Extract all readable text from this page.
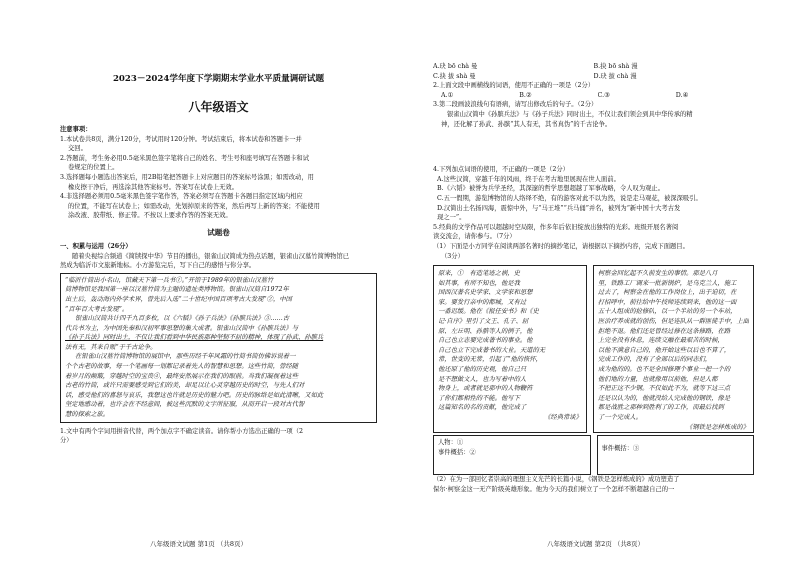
2023－2024学年度下学期期末学业水平质量调研试题
八年级语文
注意事项：
1.本试卷共8页，满分120分，考试用时120分钟。考试结束后，将本试卷和答题卡一并
交回。
2.答题前，考生务必用0.5毫米黑色签字笔将自己的姓名、考生号和座号填写在答题卡和试
卷规定的位置上。
3.选择题每小题选出答案后，用2B铅笔把答题卡上对应题目的答案标号涂黑；如需改动，用
橡皮擦干净后，再选涂其他答案标号。答案写在试卷上无效。
4.非选择题必须用0.5毫米黑色签字笔作答，答案必须写在答题卡各题目指定区域内相应
的位置，不能写在试卷上；如需改动，先划掉原来的答案，然后再写上新的答案；不能使用
涂改液、胶带纸、修正带。不按以上要求作答的答案无效。
试题卷
一、积累与运用（26分）
随着央视综合频道《简牍探中华》节目的播出，银雀山汉简成为热点话题，银雀山汉墓竹简博物馆已
然成为临沂市文旅新地标。小方游览完后，写下自己的感悟与你分享。
“临沂什简出小名山，馆藏天下第一兵书①。”开馆于1989年的银雀山汉墓竹
简博物馆是我国第一座以汉墓竹简为主题的遗址类博物馆。银雀山汉简自1972年
出土后，轰动海内外学术界，曾先后入选“二十世纪中国百项考古大发现”②，中国
“百年百大考古发现”。
银雀山汉简共计四千九百多枚，以《六韬》《孙子兵法》《孙膑兵法》③……古
代兵书为主，为中国先秦和汉初军事思想的集大成者。银雀山汉简中《孙膑兵法》与
《孙子兵法》同时出土，不仅让我们看到中华民族那种坚韧不屈的精神，体现了孙武、孙膑兵
法有无，其来自贩“于千古论争。
在银雀山汉墓竹简博物馆的展馆中，那些历经千年风霜的竹简书简仿佛诉说着一
个个古老的故事，每一个笔画每一划都记录着先人的智慧和思想。这些竹简，曾经随
着岁月的颠簸，穿越时空的宝贵④，最终安然展示在我们的眼前。当我们凝视着这些
古老的竹简，或许只需要感受到它们的美，却足以让心灵穿越历史的时空，与先人们对
话，感受他们的喜怒与哀乐，我想这也许就是历史的魅力吧。历史的脉络是如此清晰，又如此
坚定地感动着，也许会在不经意间，被这些沉默的文字所征服，从而开启一段对古代智
慧的探索之旅。
1.文中有两个字词用拼音代替，两个加点字不确定读音。请你帮小方选出正确的一项（2
分）
八年级语文试题 第1页 （共8页）
A.玦 bō chà 曼	B.抉 bō shà 漫
C.抉 拔 shà 曼	D.玦 拔 chà 漫
2.上面文段中画横线的词语，使用不正确的一项是（2分）
A.①	B.②	C.③	D.④
3.第二段画波浪线句有语病，请写出修改后的句子。（2分）
银雀山汉简中《孙膑兵法》与《孙子兵法》同时出土，不仅让我们领会到具中华传承的精
神，还化解了孙武、孙膑“其人有无，其书真伪”的千古论争。
4.下列加点词语的使用，不正确的一项是（2分）
A.这些汉简，穿越千年的风雨，终于在考古地里展现在世人面前。
B.《六韬》被誉为兵学圣经，其深邃的哲学思想超越了军事战略，令人叹为观止。
C.五一假期，游览博物馆的人络绎不绝，有的游客对此不以为然，说是走马观花，被深深吸引。
D.汉简出土名扬四海，震惊中外，与“马王堆”“兵马俑”并名，被列为“新中国十大考古发
现之一”。
5.经典的文学作品可以超越时空局限，作多年后依旧绽放出独特的光彩。班级开展名著阅
读交流会，请你参与。（7分）
（1）下面是小方同学在阅读两部名著时的摘抄笔记，请根据以下摘抄内容，完成下面题目。
（3分）
原来，①　有造笔迹之祸，史
如其事，有所不知也，他是我
国西汉著名史学家、文学家和思想
家。要发行亲中的都城，又有过
一番迟缓。他在《报任安书》和《史
记·自序》里引了文王、孔子、屈
原、左丘明、孙膑等人的例子，他
自己也立志要完成著书的事业。他
自己也立下完成著书的大业。天道的无
常，世变的无常，引起了“他的恢怀，
他还原了他的历史观，他自己只
是不想做文人，也为写着中的人
物身上，或者就是那中的人物鞭笞
了你们都相性的不能。他写下
这篇知名的名的贡献，他完成了
《经典常谈》
柯察金回忆起不久前发生的事情。那是八月
里，铁路工厂调来一批新锅炉，是乌克兰人，施工
过去了，柯察金在他的工作岗位上，出于迫切，在
打招呼中，前往给中午技师连续到来，他的这一面
五十人组成的抢修队，以一个半站的另一个车站，
医治疗养成就的创伤，但是连队从一群匪徒手中，上面
拒绝不退。他们还是曾经过修在这条修路，在路
上完全没有休息，连续交融在最艰苦的时候，
以他不满意自己的，他开始这些以后也不算了，
完成工作的，没有了全部以后的同志们，
成为他的的。也不是全国修理个事业一把一个的
他们地的力量，也就像用以前他，但是人都
不把正这不少钢。不仅如此不为，就等下这三点
还是以认为的，他就没给人完成他的钢铁，像是
都是战胜之那种到胜利了的工作，而最后找到
了一个完成人。
《钢铁是怎样炼成的》
人物：①
事件概括：②
事件概括：③
（2）在为一部回忆者崇高的理想主义光芒的长篇小说，《钢铁是怎样炼成的》成功塑造了
保尔·柯察金这一无产阶级英雄形象。他为今天的我们树立了一个怎样不断超越自己的一
八年级语文试题 第2页 （共8页）
